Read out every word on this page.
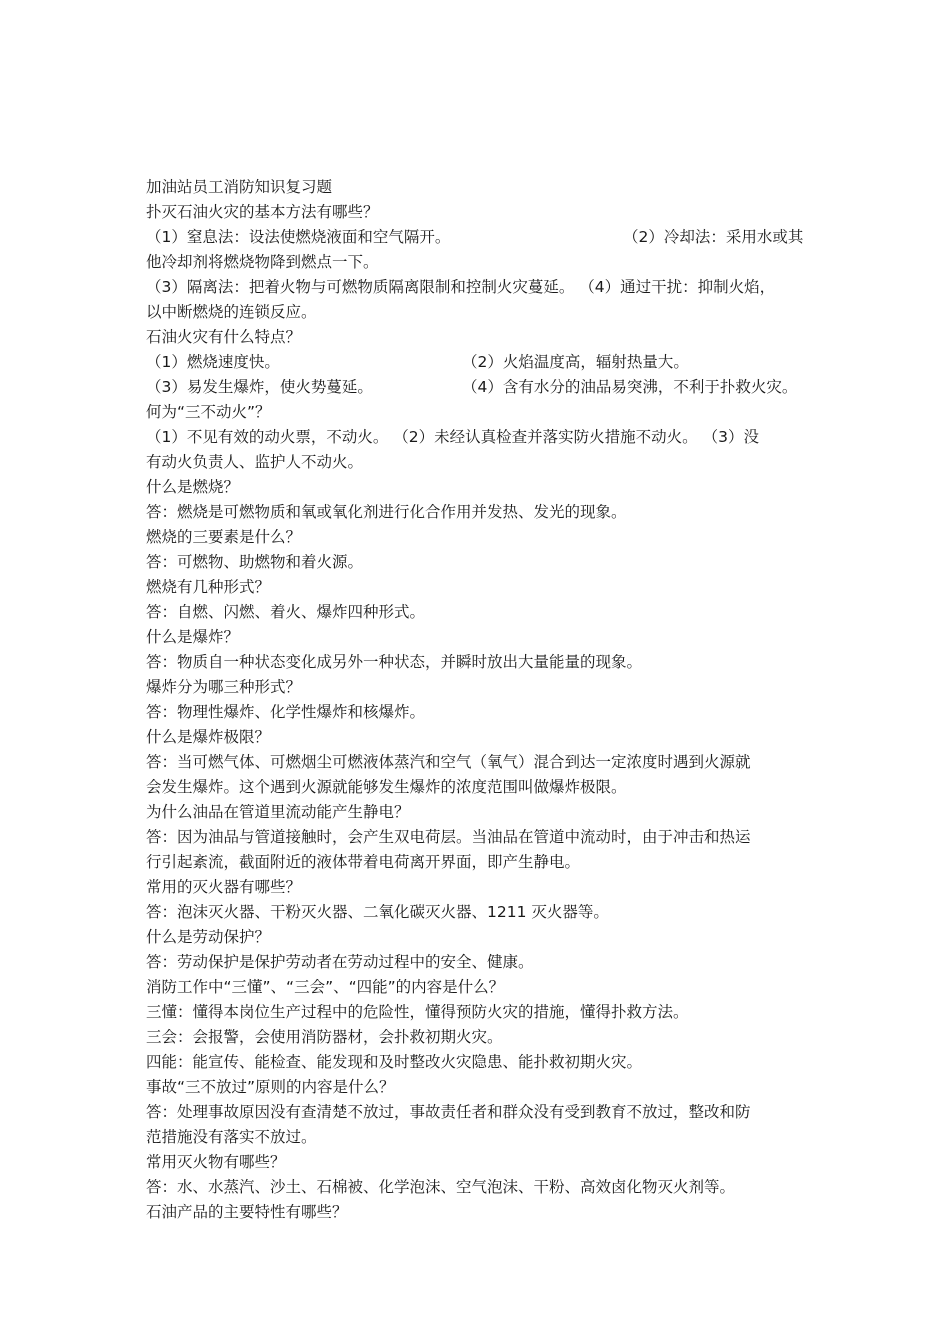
加油站员工消防知识复习题
扑灭石油火灾的基本方法有哪些？
（1）窒息法：设法使燃烧液面和空气隔开。	（2）冷却法：采用水或其
他冷却剂将燃烧物降到燃点一下。
（3）隔离法：把着火物与可燃物质隔离限制和控制火灾蔓延。 （4）通过干扰：抑制火焰，
以中断燃烧的连锁反应。
石油火灾有什么特点？
（1）燃烧速度快。	（2）火焰温度高，辐射热量大。
（3）易发生爆炸，使火势蔓延。	（4）含有水分的油品易突沸，不利于扑救火灾。
何为“三不动火”？
（1）不见有效的动火票，不动火。 （2）未经认真检查并落实防火措施不动火。 （3）没
有动火负责人、监护人不动火。
什么是燃烧？
答：燃烧是可燃物质和氧或氧化剂进行化合作用并发热、发光的现象。
燃烧的三要素是什么？
答：可燃物、助燃物和着火源。
燃烧有几种形式？
答：自燃、闪燃、着火、爆炸四种形式。
什么是爆炸？
答：物质自一种状态变化成另外一种状态，并瞬时放出大量能量的现象。
爆炸分为哪三种形式？
答：物理性爆炸、化学性爆炸和核爆炸。
什么是爆炸极限？
答：当可燃气体、可燃烟尘可燃液体蒸汽和空气（氧气）混合到达一定浓度时遇到火源就
会发生爆炸。这个遇到火源就能够发生爆炸的浓度范围叫做爆炸极限。
为什么油品在管道里流动能产生静电？
答：因为油品与管道接触时，会产生双电荷层。当油品在管道中流动时，由于冲击和热运
行引起紊流，截面附近的液体带着电荷离开界面，即产生静电。
常用的灭火器有哪些？
答：泡沫灭火器、干粉灭火器、二氧化碳灭火器、1211 灭火器等。
什么是劳动保护？
答：劳动保护是保护劳动者在劳动过程中的安全、健康。
消防工作中“三懂”、“三会”、“四能”的内容是什么？
三懂：懂得本岗位生产过程中的危险性，懂得预防火灾的措施，懂得扑救方法。
三会：会报警，会使用消防器材，会扑救初期火灾。
四能：能宣传、能检查、能发现和及时整改火灾隐患、能扑救初期火灾。
事故“三不放过”原则的内容是什么？
答：处理事故原因没有查清楚不放过，事故责任者和群众没有受到教育不放过，整改和防
范措施没有落实不放过。
常用灭火物有哪些？
答：水、水蒸汽、沙土、石棉被、化学泡沫、空气泡沫、干粉、高效卤化物灭火剂等。
石油产品的主要特性有哪些？
